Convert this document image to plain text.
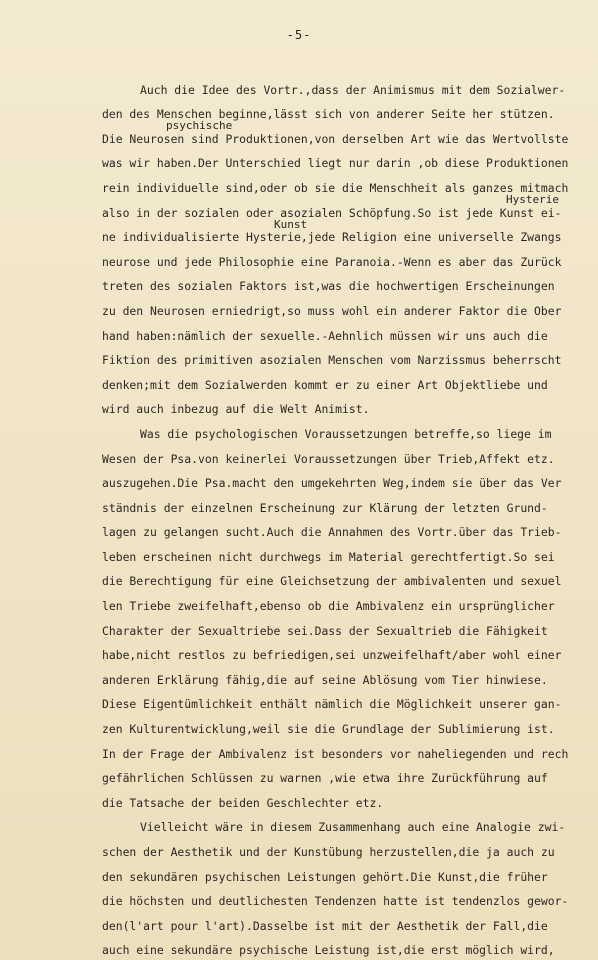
-5-
Auch die Idee des Vortr.,dass der Animismus mit dem Sozialwer-
den des Menschen beginne,lässt sich von anderer Seite her stützen.
psychische
Die Neurosen sind Produktionen,von derselben Art wie das Wertvollste
was wir haben.Der Unterschied liegt nur darin ,ob diese Produktionen
rein individuelle sind,oder ob sie die Menschheit als ganzes mitmach
Hysterie
also in der sozialen oder asozialen Schöpfung.So ist jede Kunst ei-
Kunst
ne individualisierte Hysterie,jede Religion eine universelle Zwangs
neurose und jede Philosophie eine Paranoia.-Wenn es aber das Zurück
treten des sozialen Faktors ist,was die hochwertigen Erscheinungen
zu den Neurosen erniedrigt,so muss wohl ein anderer Faktor die Ober
hand haben:nämlich der sexuelle.-Aehnlich müssen wir uns auch die
Fiktion des primitiven asozialen Menschen vom Narzissmus beherrscht
denken;mit dem Sozialwerden kommt er zu einer Art Objektliebe und
wird auch inbezug auf die Welt Animist.
Was die psychologischen Voraussetzungen betreffe,so liege im
Wesen der Psa.von keinerlei Voraussetzungen über Trieb,Affekt etz.
auszugehen.Die Psa.macht den umgekehrten Weg,indem sie über das Ver
ständnis der einzelnen Erscheinung zur Klärung der letzten Grund-
lagen zu gelangen sucht.Auch die Annahmen des Vortr.über das Trieb-
leben erscheinen nicht durchwegs im Material gerechtfertigt.So sei
die Berechtigung für eine Gleichsetzung der ambivalenten und sexuel
len Triebe zweifelhaft,ebenso ob die Ambivalenz ein ursprünglicher
Charakter der Sexualtriebe sei.Dass der Sexualtrieb die Fähigkeit
habe,nicht restlos zu befriedigen,sei unzweifelhaft/aber wohl einer
anderen Erklärung fähig,die auf seine Ablösung vom Tier hinwiese.
Diese Eigentümlichkeit enthält nämlich die Möglichkeit unserer gan-
zen Kulturentwicklung,weil sie die Grundlage der Sublimierung ist.
In der Frage der Ambivalenz ist besonders vor naheliegenden und rech
gefährlichen Schlüssen zu warnen ,wie etwa ihre Zurückführung auf
die Tatsache der beiden Geschlechter etz.
Vielleicht wäre in diesem Zusammenhang auch eine Analogie zwi-
schen der Aesthetik und der Kunstübung herzustellen,die ja auch zu
den sekundären psychischen Leistungen gehört.Die Kunst,die früher
die höchsten und deutlichesten Tendenzen hatte ist tendenzlos gewor-
den(l'art pour l'art).Dasselbe ist mit der Aesthetik der Fall,die
auch eine sekundäre psychische Leistung ist,die erst möglich wird,
